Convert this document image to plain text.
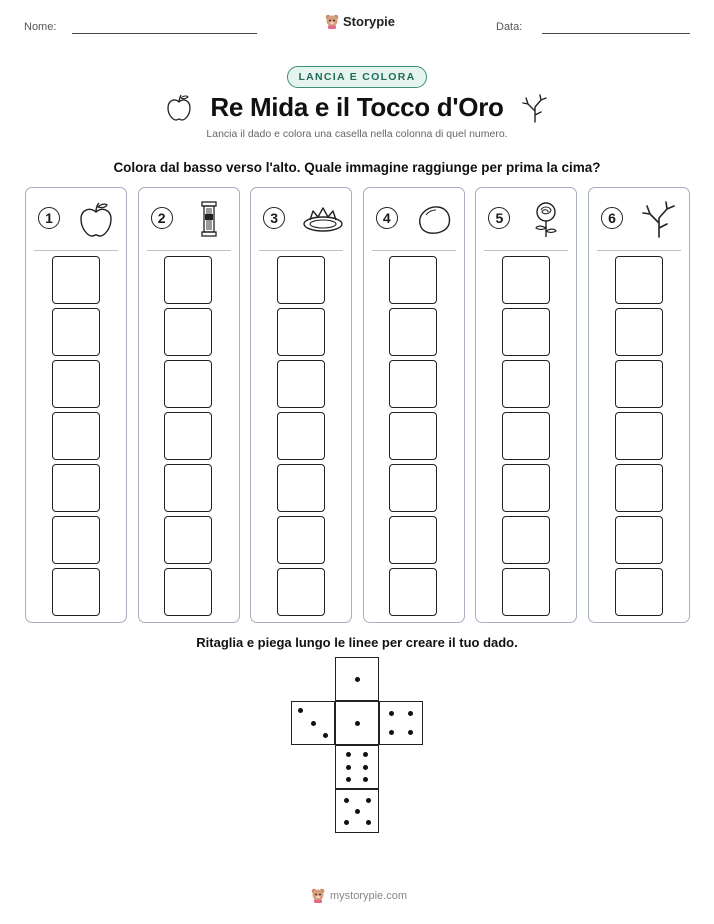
Nome:	Storypie	Data:
LANCIA E COLORA
Re Mida e il Tocco d'Oro
Lancia il dado e colora una casella nella colonna di quel numero.
Colora dal basso verso l'alto. Quale immagine raggiunge per prima la cima?
1	2	3	4	5	6
Ritaglia e piega lungo le linee per creare il tuo dado.
mystorypie.com
